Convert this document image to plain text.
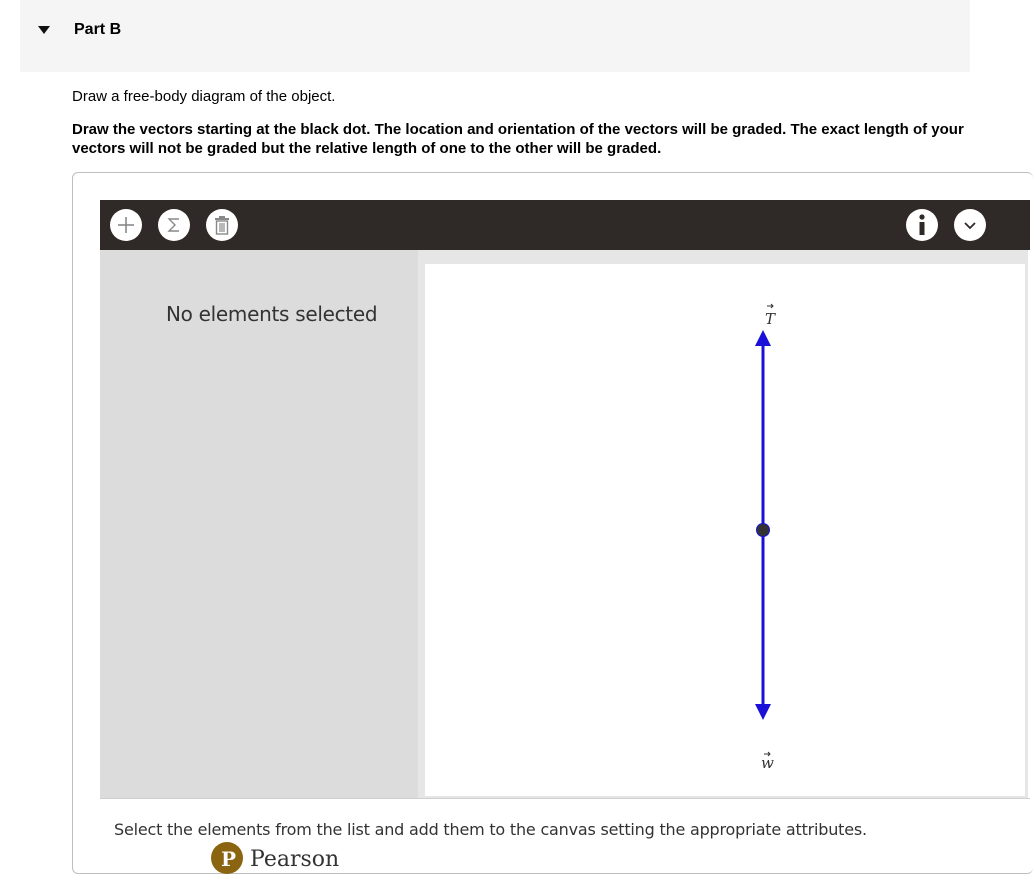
Part B
Draw a free-body diagram of the object.
Draw the vectors starting at the black dot. The location and orientation of the vectors will be graded. The exact length of your vectors will not be graded but the relative length of one to the other will be graded.
No elements selected	T
w
Select the elements from the list and add them to the canvas setting the appropriate attributes.
P Pearson
